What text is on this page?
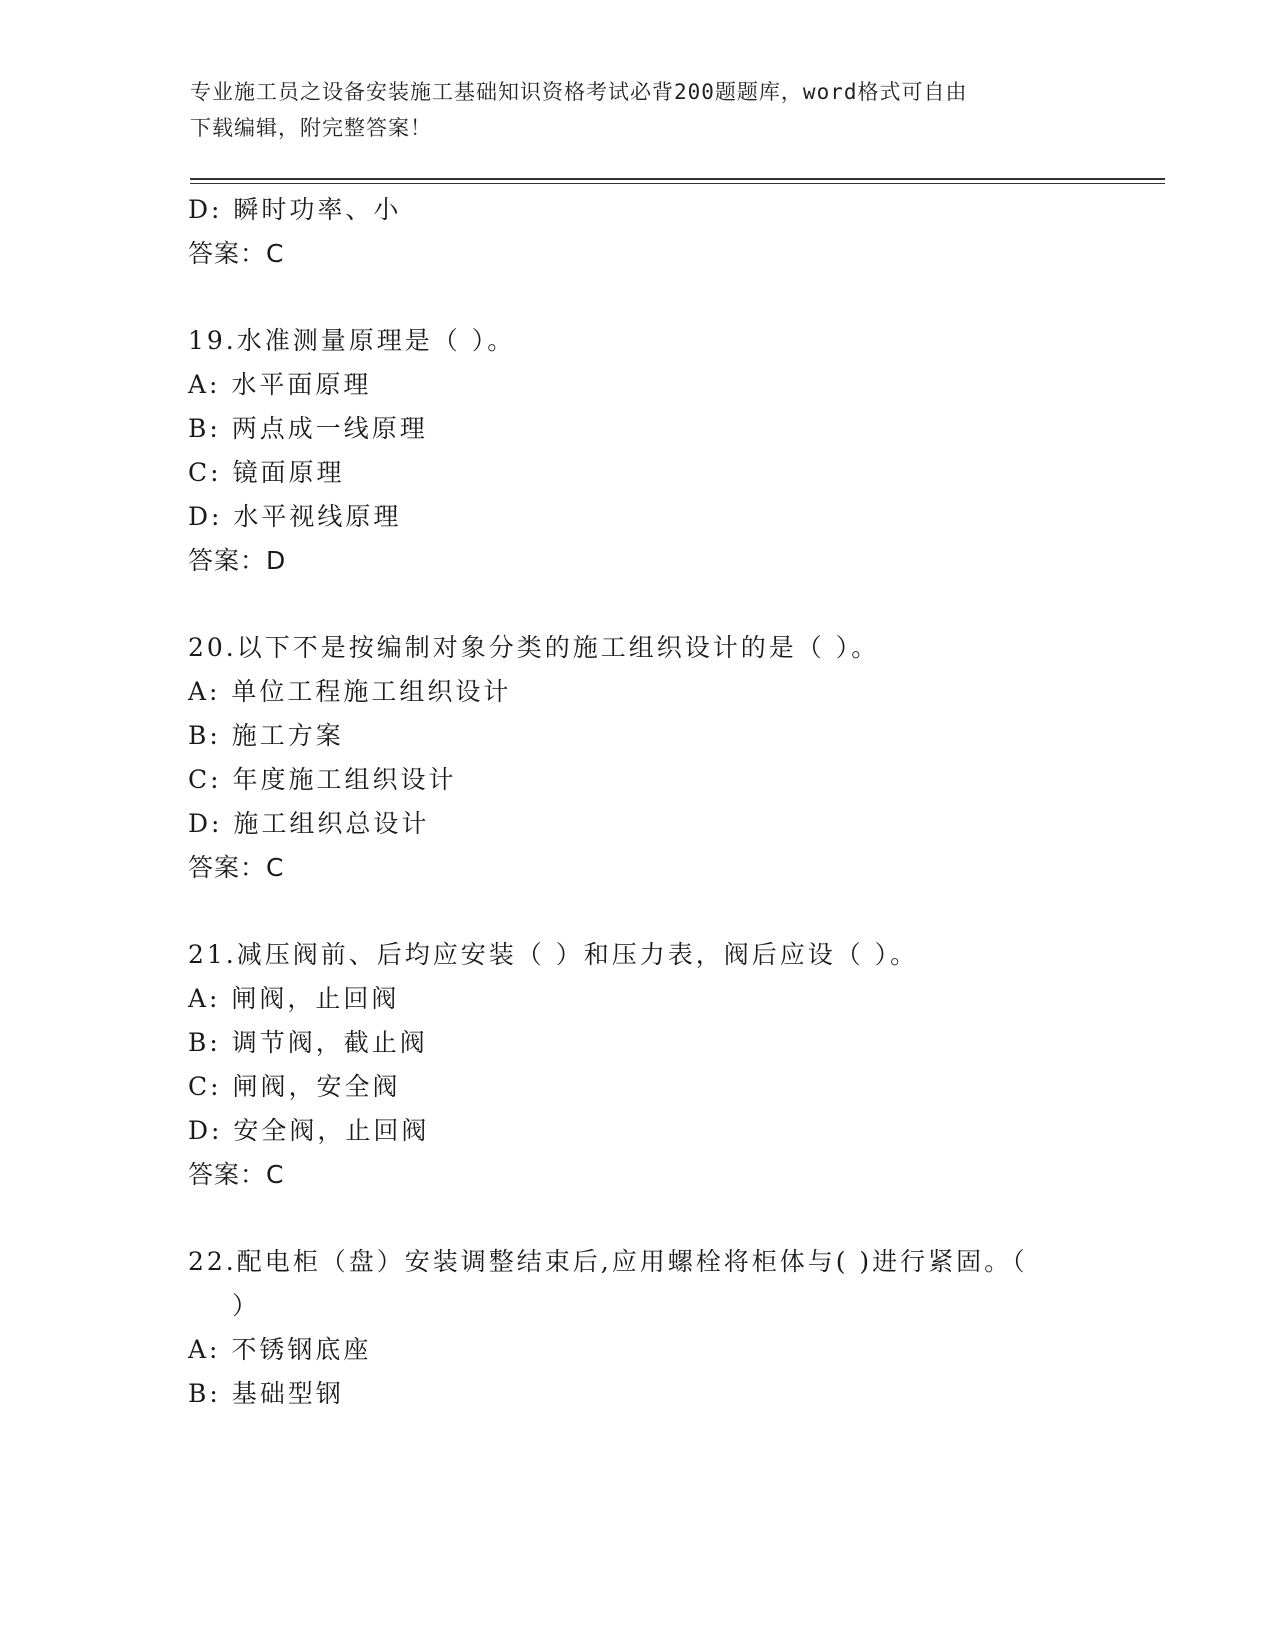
专业施工员之设备安装施工基础知识资格考试必背200题题库，word格式可自由
下载编辑，附完整答案！
D: 瞬时功率、小
答案：C
19.水准测量原理是（ ）。
A: 水平面原理
B: 两点成一线原理
C: 镜面原理
D: 水平视线原理
答案：D
20.以下不是按编制对象分类的施工组织设计的是（ ）。
A: 单位工程施工组织设计
B: 施工方案
C: 年度施工组织设计
D: 施工组织总设计
答案：C
21.减压阀前、后均应安装（ ）和压力表，阀后应设（ ）。
A: 闸阀，止回阀
B: 调节阀，截止阀
C: 闸阀，安全阀
D: 安全阀，止回阀
答案：C
22.配电柜（盘）安装调整结束后,应用螺栓将柜体与( )进行紧固。（
）
A: 不锈钢底座
B: 基础型钢
